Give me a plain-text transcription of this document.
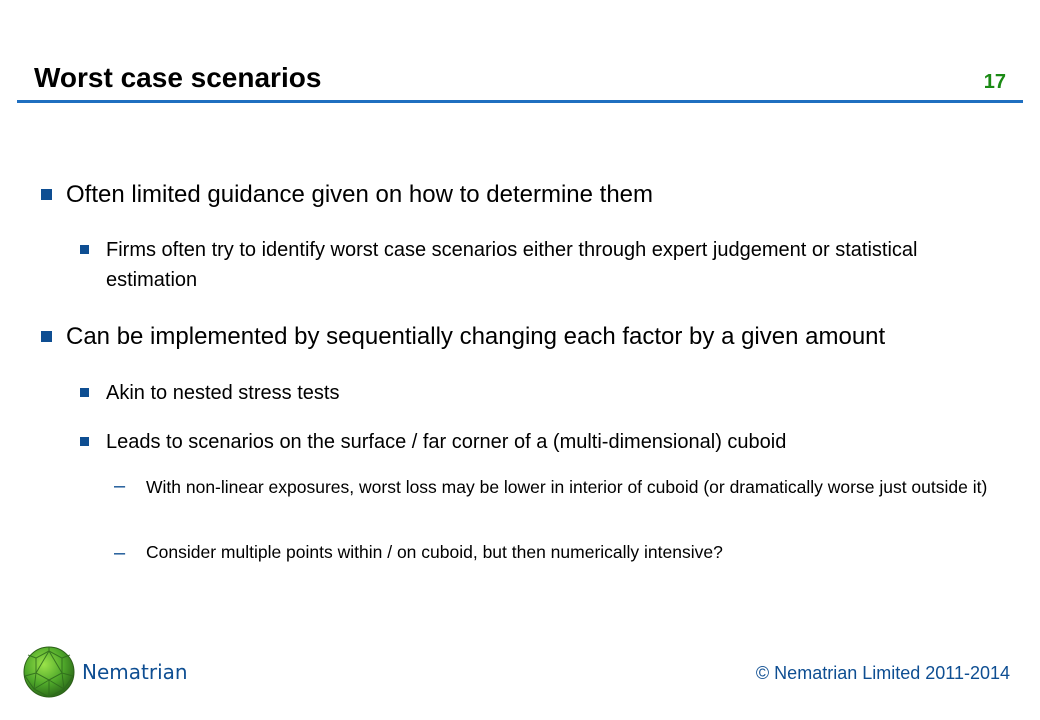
Worst case scenarios	17
Often limited guidance given on how to determine them
Firms often try to identify worst case scenarios either through expert judgement or statistical estimation
Can be implemented by sequentially changing each factor by a given amount
Akin to nested stress tests
Leads to scenarios on the surface / far corner of a (multi-dimensional) cuboid
– With non-linear exposures, worst loss may be lower in interior of cuboid (or dramatically worse just outside it)
– Consider multiple points within / on cuboid, but then numerically intensive?
Nematrian	© Nematrian Limited 2011-2014
